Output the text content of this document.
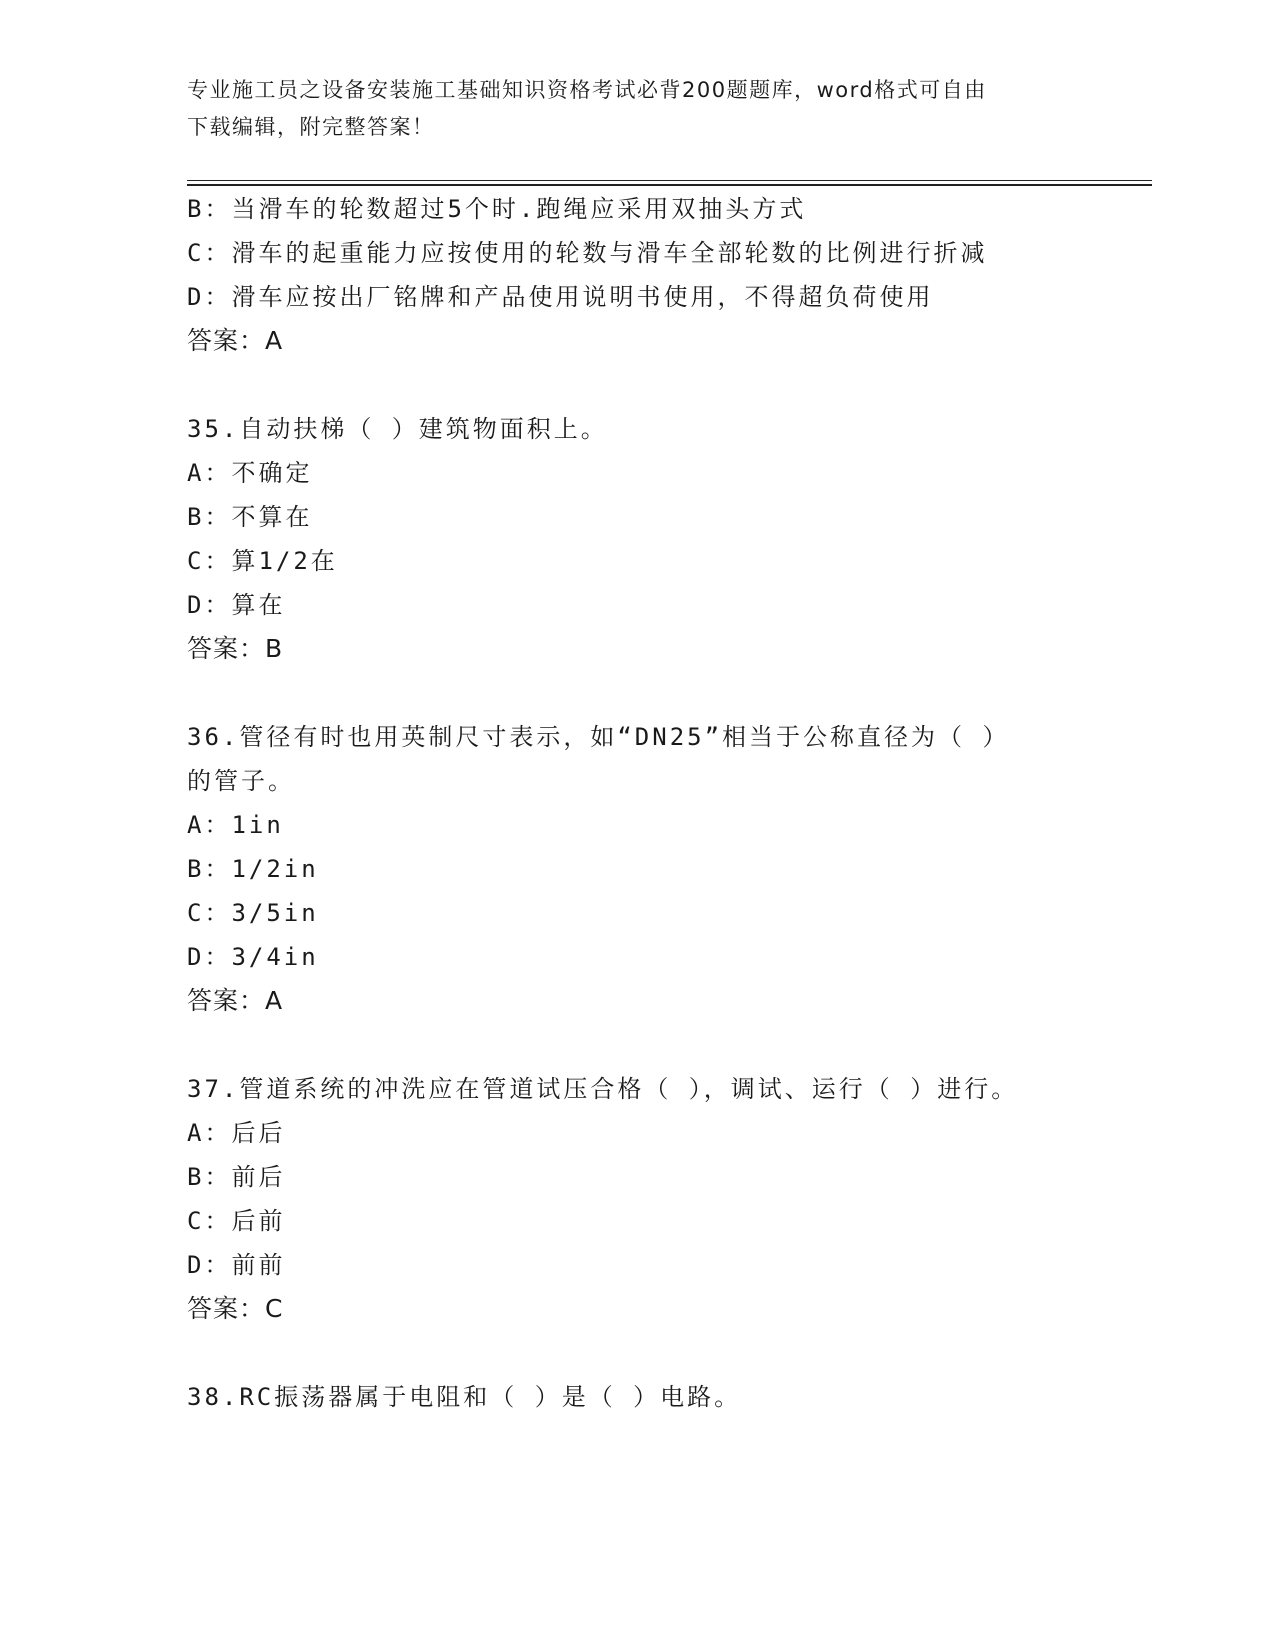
专业施工员之设备安装施工基础知识资格考试必背200题题库，word格式可自由
下载编辑，附完整答案！
B：当滑车的轮数超过5个时.跑绳应采用双抽头方式
C：滑车的起重能力应按使用的轮数与滑车全部轮数的比例进行折减
D：滑车应按出厂铭牌和产品使用说明书使用，不得超负荷使用
答案：A
35.自动扶梯（ ）建筑物面积上。
A：不确定
B：不算在
C：算1/2在
D：算在
答案：B
36.管径有时也用英制尺寸表示，如“DN25”相当于公称直径为（ ）
的管子。
A：1in
B：1/2in
C：3/5in
D：3/4in
答案：A
37.管道系统的冲洗应在管道试压合格（ ），调试、运行（ ）进行。
A：后后
B：前后
C：后前
D：前前
答案：C
38.RC振荡器属于电阻和（ ）是（ ）电路。
